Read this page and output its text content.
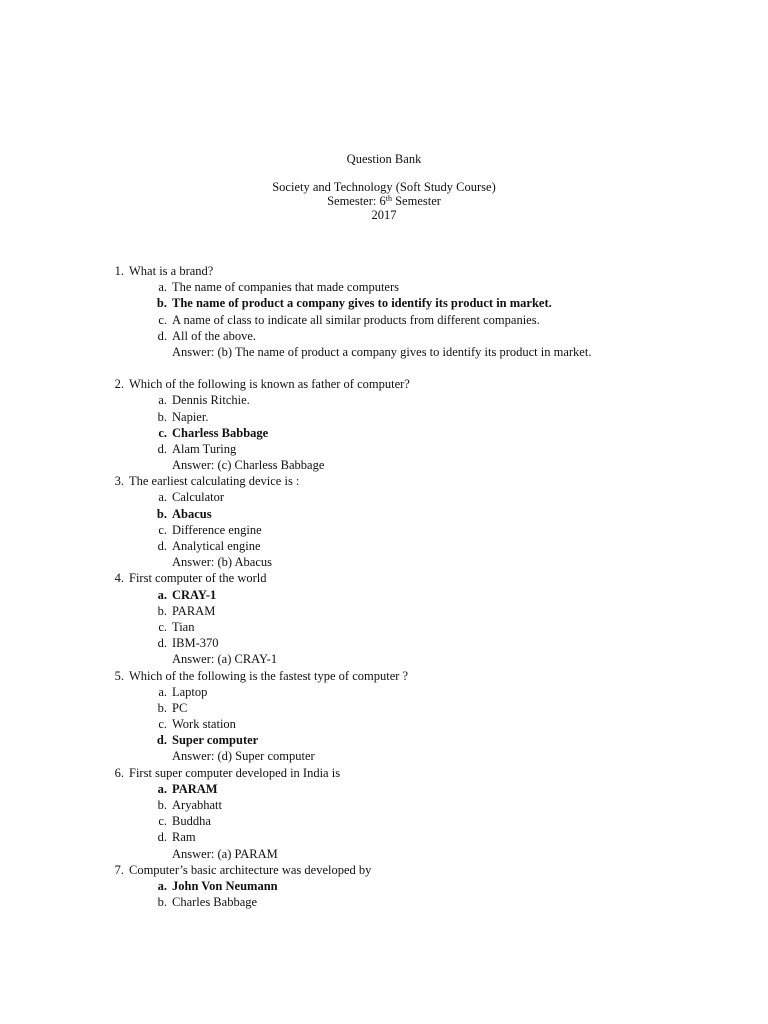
Question Bank
Society and Technology (Soft Study Course)
Semester: 6th Semester
2017
1. What is a brand?
a. The name of companies that made computers
b. The name of product a company gives to identify its product in market.
c. A name of class to indicate all similar products from different companies.
d. All of the above.
Answer: (b) The name of product a company gives to identify its product in market.
2. Which of the following is known as father of computer?
a. Dennis Ritchie.
b. Napier.
c. Charless Babbage
d. Alam Turing
Answer: (c) Charless Babbage
3. The earliest calculating device is :
a. Calculator
b. Abacus
c. Difference engine
d. Analytical engine
Answer: (b) Abacus
4. First computer of the world
a. CRAY-1
b. PARAM
c. Tian
d. IBM-370
Answer: (a) CRAY-1
5. Which of the following is the fastest type of computer ?
a. Laptop
b. PC
c. Work station
d. Super computer
Answer: (d) Super computer
6. First super computer developed in India is
a. PARAM
b. Aryabhatt
c. Buddha
d. Ram
Answer: (a) PARAM
7. Computer’s basic architecture was developed by
a. John Von Neumann
b. Charles Babbage
